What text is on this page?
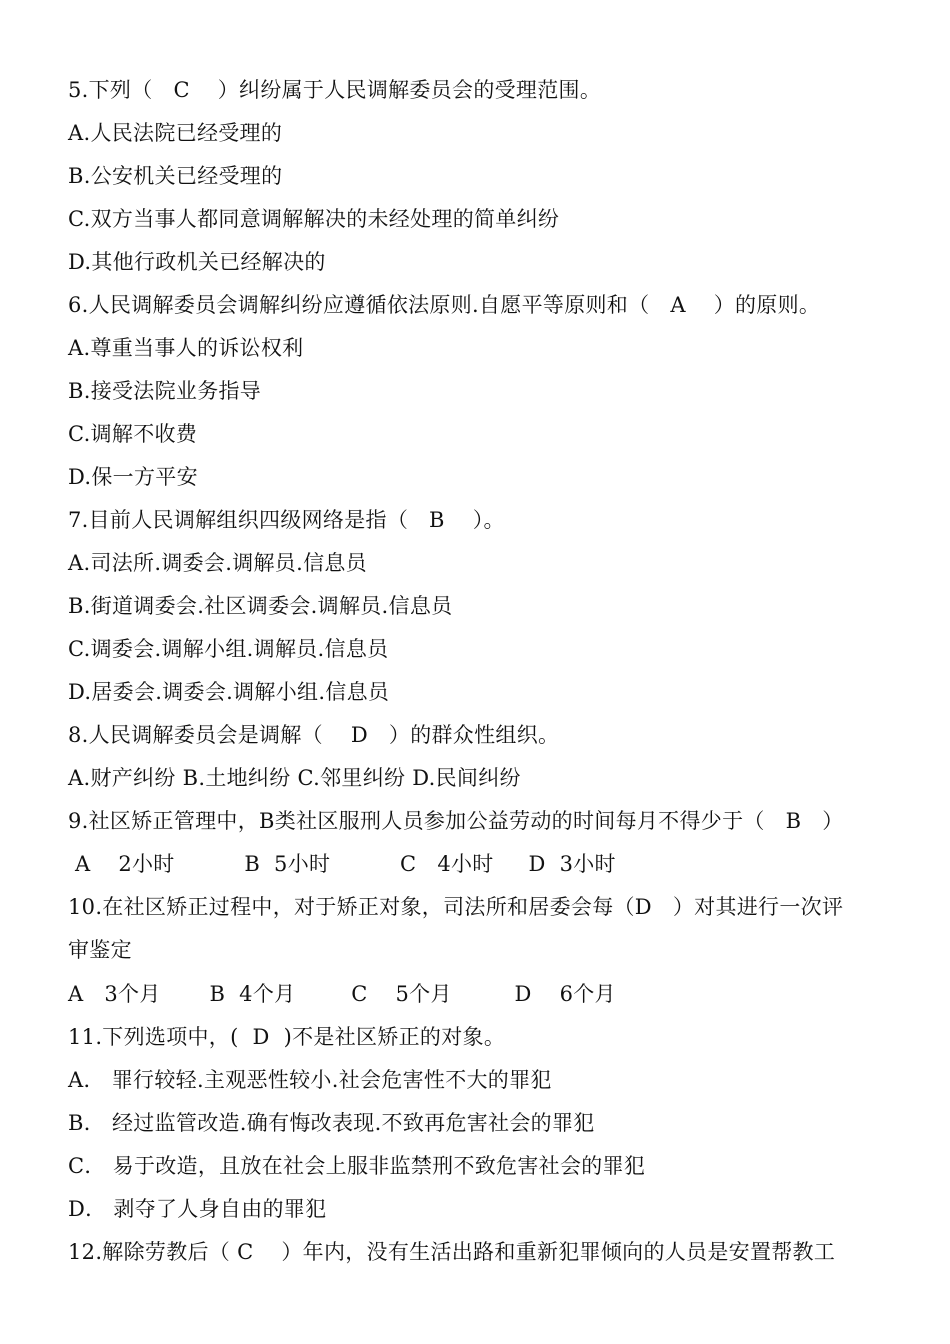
5.下列（   C    ）纠纷属于人民调解委员会的受理范围。
A.人民法院已经受理的
B.公安机关已经受理的
C.双方当事人都同意调解解决的未经处理的简单纠纷
D.其他行政机关已经解决的
6.人民调解委员会调解纠纷应遵循依法原则.自愿平等原则和（   A    ）的原则。
A.尊重当事人的诉讼权利
B.接受法院业务指导
C.调解不收费
D.保一方平安
7.目前人民调解组织四级网络是指（   B    ）。
A.司法所.调委会.调解员.信息员
B.街道调委会.社区调委会.调解员.信息员
C.调委会.调解小组.调解员.信息员
D.居委会.调委会.调解小组.信息员
8.人民调解委员会是调解（    D   ）的群众性组织。
A.财产纠纷 B.土地纠纷 C.邻里纠纷 D.民间纠纷
9.社区矫正管理中，B类社区服刑人员参加公益劳动的时间每月不得少于（   B   ）
A    2小时          B  5小时          C   4小时     D  3小时
10.在社区矫正过程中，对于矫正对象，司法所和居委会每（D   ）对其进行一次评
审鉴定
A   3个月       B  4个月        C    5个月         D    6个月
11.下列选项中，(  D  )不是社区矫正的对象。
A． 罪行较轻.主观恶性较小.社会危害性不大的罪犯
B． 经过监管改造.确有悔改表现.不致再危害社会的罪犯
C． 易于改造，且放在社会上服非监禁刑不致危害社会的罪犯
D． 剥夺了人身自由的罪犯
12.解除劳教后（ C    ）年内，没有生活出路和重新犯罪倾向的人员是安置帮教工
